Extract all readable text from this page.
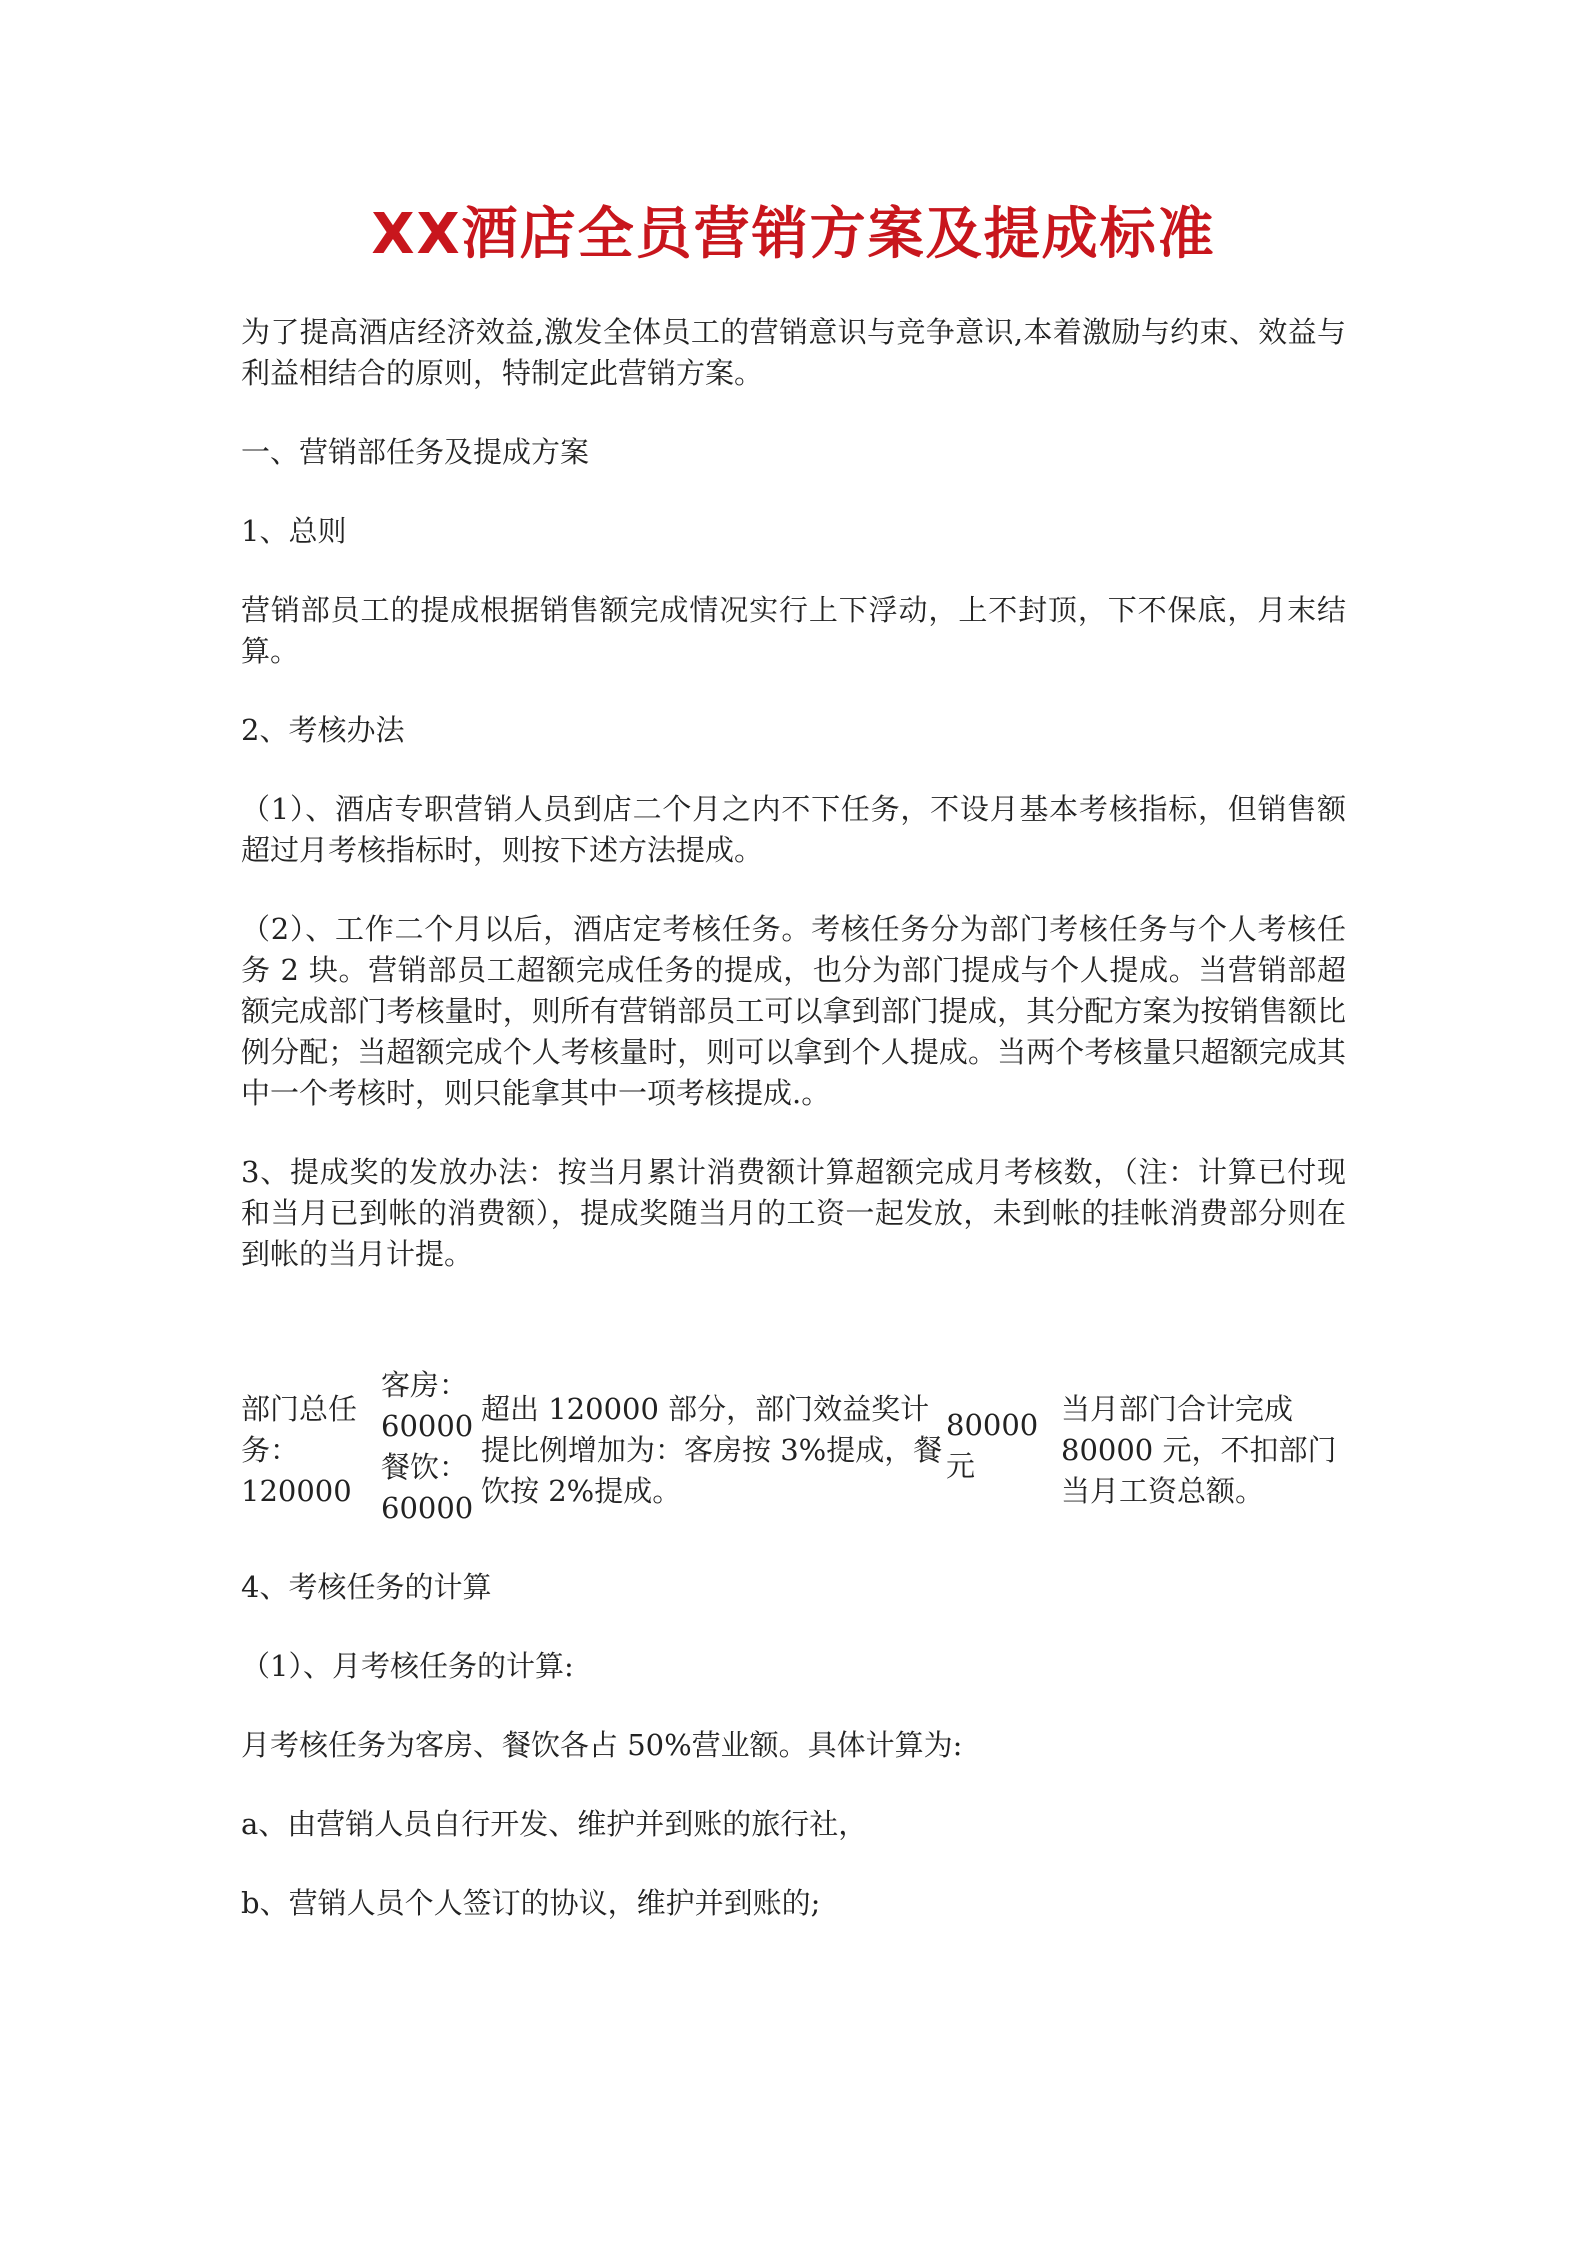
XX酒店全员营销方案及提成标准

为了提高酒店经济效益,激发全体员工的营销意识与竞争意识,本着激励与约束、效益与利益相结合的原则，特制定此营销方案。

一、营销部任务及提成方案
1、总则

营销部员工的提成根据销售额完成情况实行上下浮动，上不封顶，下不保底，月末结算。

2、考核办法

（1）、酒店专职营销人员到店二个月之内不下任务，不设月基本考核指标，但销售额超过月考核指标时，则按下述方法提成。

（2）、工作二个月以后，酒店定考核任务。考核任务分为部门考核任务与个人考核任务 2 块。营销部员工超额完成任务的提成，也分为部门提成与个人提成。当营销部超额完成部门考核量时，则所有营销部员工可以拿到部门提成，其分配方案为按销售额比例分配；当超额完成个人考核量时，则可以拿到个人提成。当两个考核量只超额完成其中一个考核时，则只能拿其中一项考核提成.。

3、提成奖的发放办法：按当月累计消费额计算超额完成月考核数，（注：计算已付现和当月已到帐的消费额），提成奖随当月的工资一起发放，未到帐的挂帐消费部分则在到帐的当月计提。

部门总任务：120000
客房：60000
餐饮：60000
超出 120000 部分，部门效益奖计提比例增加为：客房按 3%提成，餐饮按 2%提成。
80000 元
当月部门合计完成 80000 元，不扣部门当月工资总额。
4、考核任务的计算
（1）、月考核任务的计算:

月考核任务为客房、餐饮各占 50%营业额。具体计算为:

a、由营销人员自行开发、维护并到账的旅行社，

b、营销人员个人签订的协议，维护并到账的;
